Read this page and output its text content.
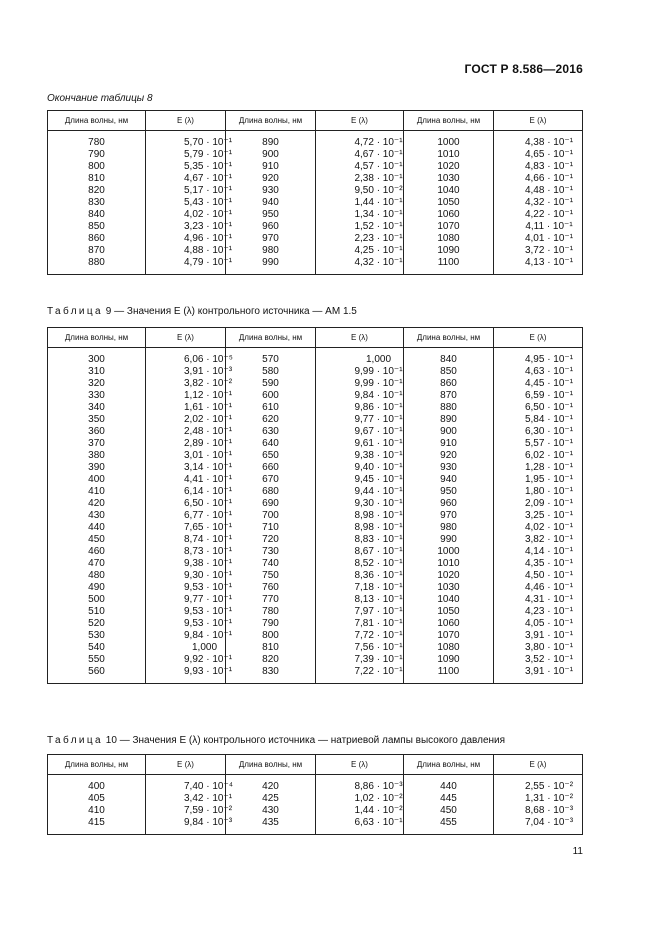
ГОСТ Р 8.586—2016
Окончание таблицы 8
Длина волны, нм	E (λ)	Длина волны, нм	E (λ)	Длина волны, нм	E (λ)
780	5,70 · 10⁻¹	890	4,72 · 10⁻¹	1000	4,38 · 10⁻¹
790	5,79 · 10⁻¹	900	4,67 · 10⁻¹	1010	4,65 · 10⁻¹
800	5,35 · 10⁻¹	910	4,57 · 10⁻¹	1020	4,83 · 10⁻¹
810	4,67 · 10⁻¹	920	2,38 · 10⁻¹	1030	4,66 · 10⁻¹
820	5,17 · 10⁻¹	930	9,50 · 10⁻²	1040	4,48 · 10⁻¹
830	5,43 · 10⁻¹	940	1,44 · 10⁻¹	1050	4,32 · 10⁻¹
840	4,02 · 10⁻¹	950	1,34 · 10⁻¹	1060	4,22 · 10⁻¹
850	3,23 · 10⁻¹	960	1,52 · 10⁻¹	1070	4,11 · 10⁻¹
860	4,96 · 10⁻¹	970	2,23 · 10⁻¹	1080	4,01 · 10⁻¹
870	4,88 · 10⁻¹	980	4,25 · 10⁻¹	1090	3,72 · 10⁻¹
880	4,79 · 10⁻¹	990	4,32 · 10⁻¹	1100	4,13 · 10⁻¹
Таблица 9 — Значения E (λ) контрольного источника — AM 1.5
Длина волны, нм	E (λ)	Длина волны, нм	E (λ)	Длина волны, нм	E (λ)
300	6,06 · 10⁻⁵	570	1,000	840	4,95 · 10⁻¹
310	3,91 · 10⁻³	580	9,99 · 10⁻¹	850	4,63 · 10⁻¹
320	3,82 · 10⁻²	590	9,99 · 10⁻¹	860	4,45 · 10⁻¹
330	1,12 · 10⁻¹	600	9,84 · 10⁻¹	870	6,59 · 10⁻¹
340	1,61 · 10⁻¹	610	9,86 · 10⁻¹	880	6,50 · 10⁻¹
350	2,02 · 10⁻¹	620	9,77 · 10⁻¹	890	5,84 · 10⁻¹
360	2,48 · 10⁻¹	630	9,67 · 10⁻¹	900	6,30 · 10⁻¹
370	2,89 · 10⁻¹	640	9,61 · 10⁻¹	910	5,57 · 10⁻¹
380	3,01 · 10⁻¹	650	9,38 · 10⁻¹	920	6,02 · 10⁻¹
390	3,14 · 10⁻¹	660	9,40 · 10⁻¹	930	1,28 · 10⁻¹
400	4,41 · 10⁻¹	670	9,45 · 10⁻¹	940	1,95 · 10⁻¹
410	6,14 · 10⁻¹	680	9,44 · 10⁻¹	950	1,80 · 10⁻¹
420	6,50 · 10⁻¹	690	9,30 · 10⁻¹	960	2,09 · 10⁻¹
430	6,77 · 10⁻¹	700	8,98 · 10⁻¹	970	3,25 · 10⁻¹
440	7,65 · 10⁻¹	710	8,98 · 10⁻¹	980	4,02 · 10⁻¹
450	8,74 · 10⁻¹	720	8,83 · 10⁻¹	990	3,82 · 10⁻¹
460	8,73 · 10⁻¹	730	8,67 · 10⁻¹	1000	4,14 · 10⁻¹
470	9,38 · 10⁻¹	740	8,52 · 10⁻¹	1010	4,35 · 10⁻¹
480	9,30 · 10⁻¹	750	8,36 · 10⁻¹	1020	4,50 · 10⁻¹
490	9,53 · 10⁻¹	760	7,18 · 10⁻¹	1030	4,46 · 10⁻¹
500	9,77 · 10⁻¹	770	8,13 · 10⁻¹	1040	4,31 · 10⁻¹
510	9,53 · 10⁻¹	780	7,97 · 10⁻¹	1050	4,23 · 10⁻¹
520	9,53 · 10⁻¹	790	7,81 · 10⁻¹	1060	4,05 · 10⁻¹
530	9,84 · 10⁻¹	800	7,72 · 10⁻¹	1070	3,91 · 10⁻¹
540	1,000	810	7,56 · 10⁻¹	1080	3,80 · 10⁻¹
550	9,92 · 10⁻¹	820	7,39 · 10⁻¹	1090	3,52 · 10⁻¹
560	9,93 · 10⁻¹	830	7,22 · 10⁻¹	1100	3,91 · 10⁻¹
Таблица 10 — Значения E (λ) контрольного источника — натриевой лампы высокого давления
Длина волны, нм	E (λ)	Длина волны, нм	E (λ)	Длина волны, нм	E (λ)
400	7,40 · 10⁻⁴	420	8,86 · 10⁻³	440	2,55 · 10⁻²
405	3,42 · 10⁻¹	425	1,02 · 10⁻²	445	1,31 · 10⁻²
410	7,59 · 10⁻²	430	1,44 · 10⁻²	450	8,68 · 10⁻³
415	9,84 · 10⁻³	435	6,63 · 10⁻¹	455	7,04 · 10⁻³
11
